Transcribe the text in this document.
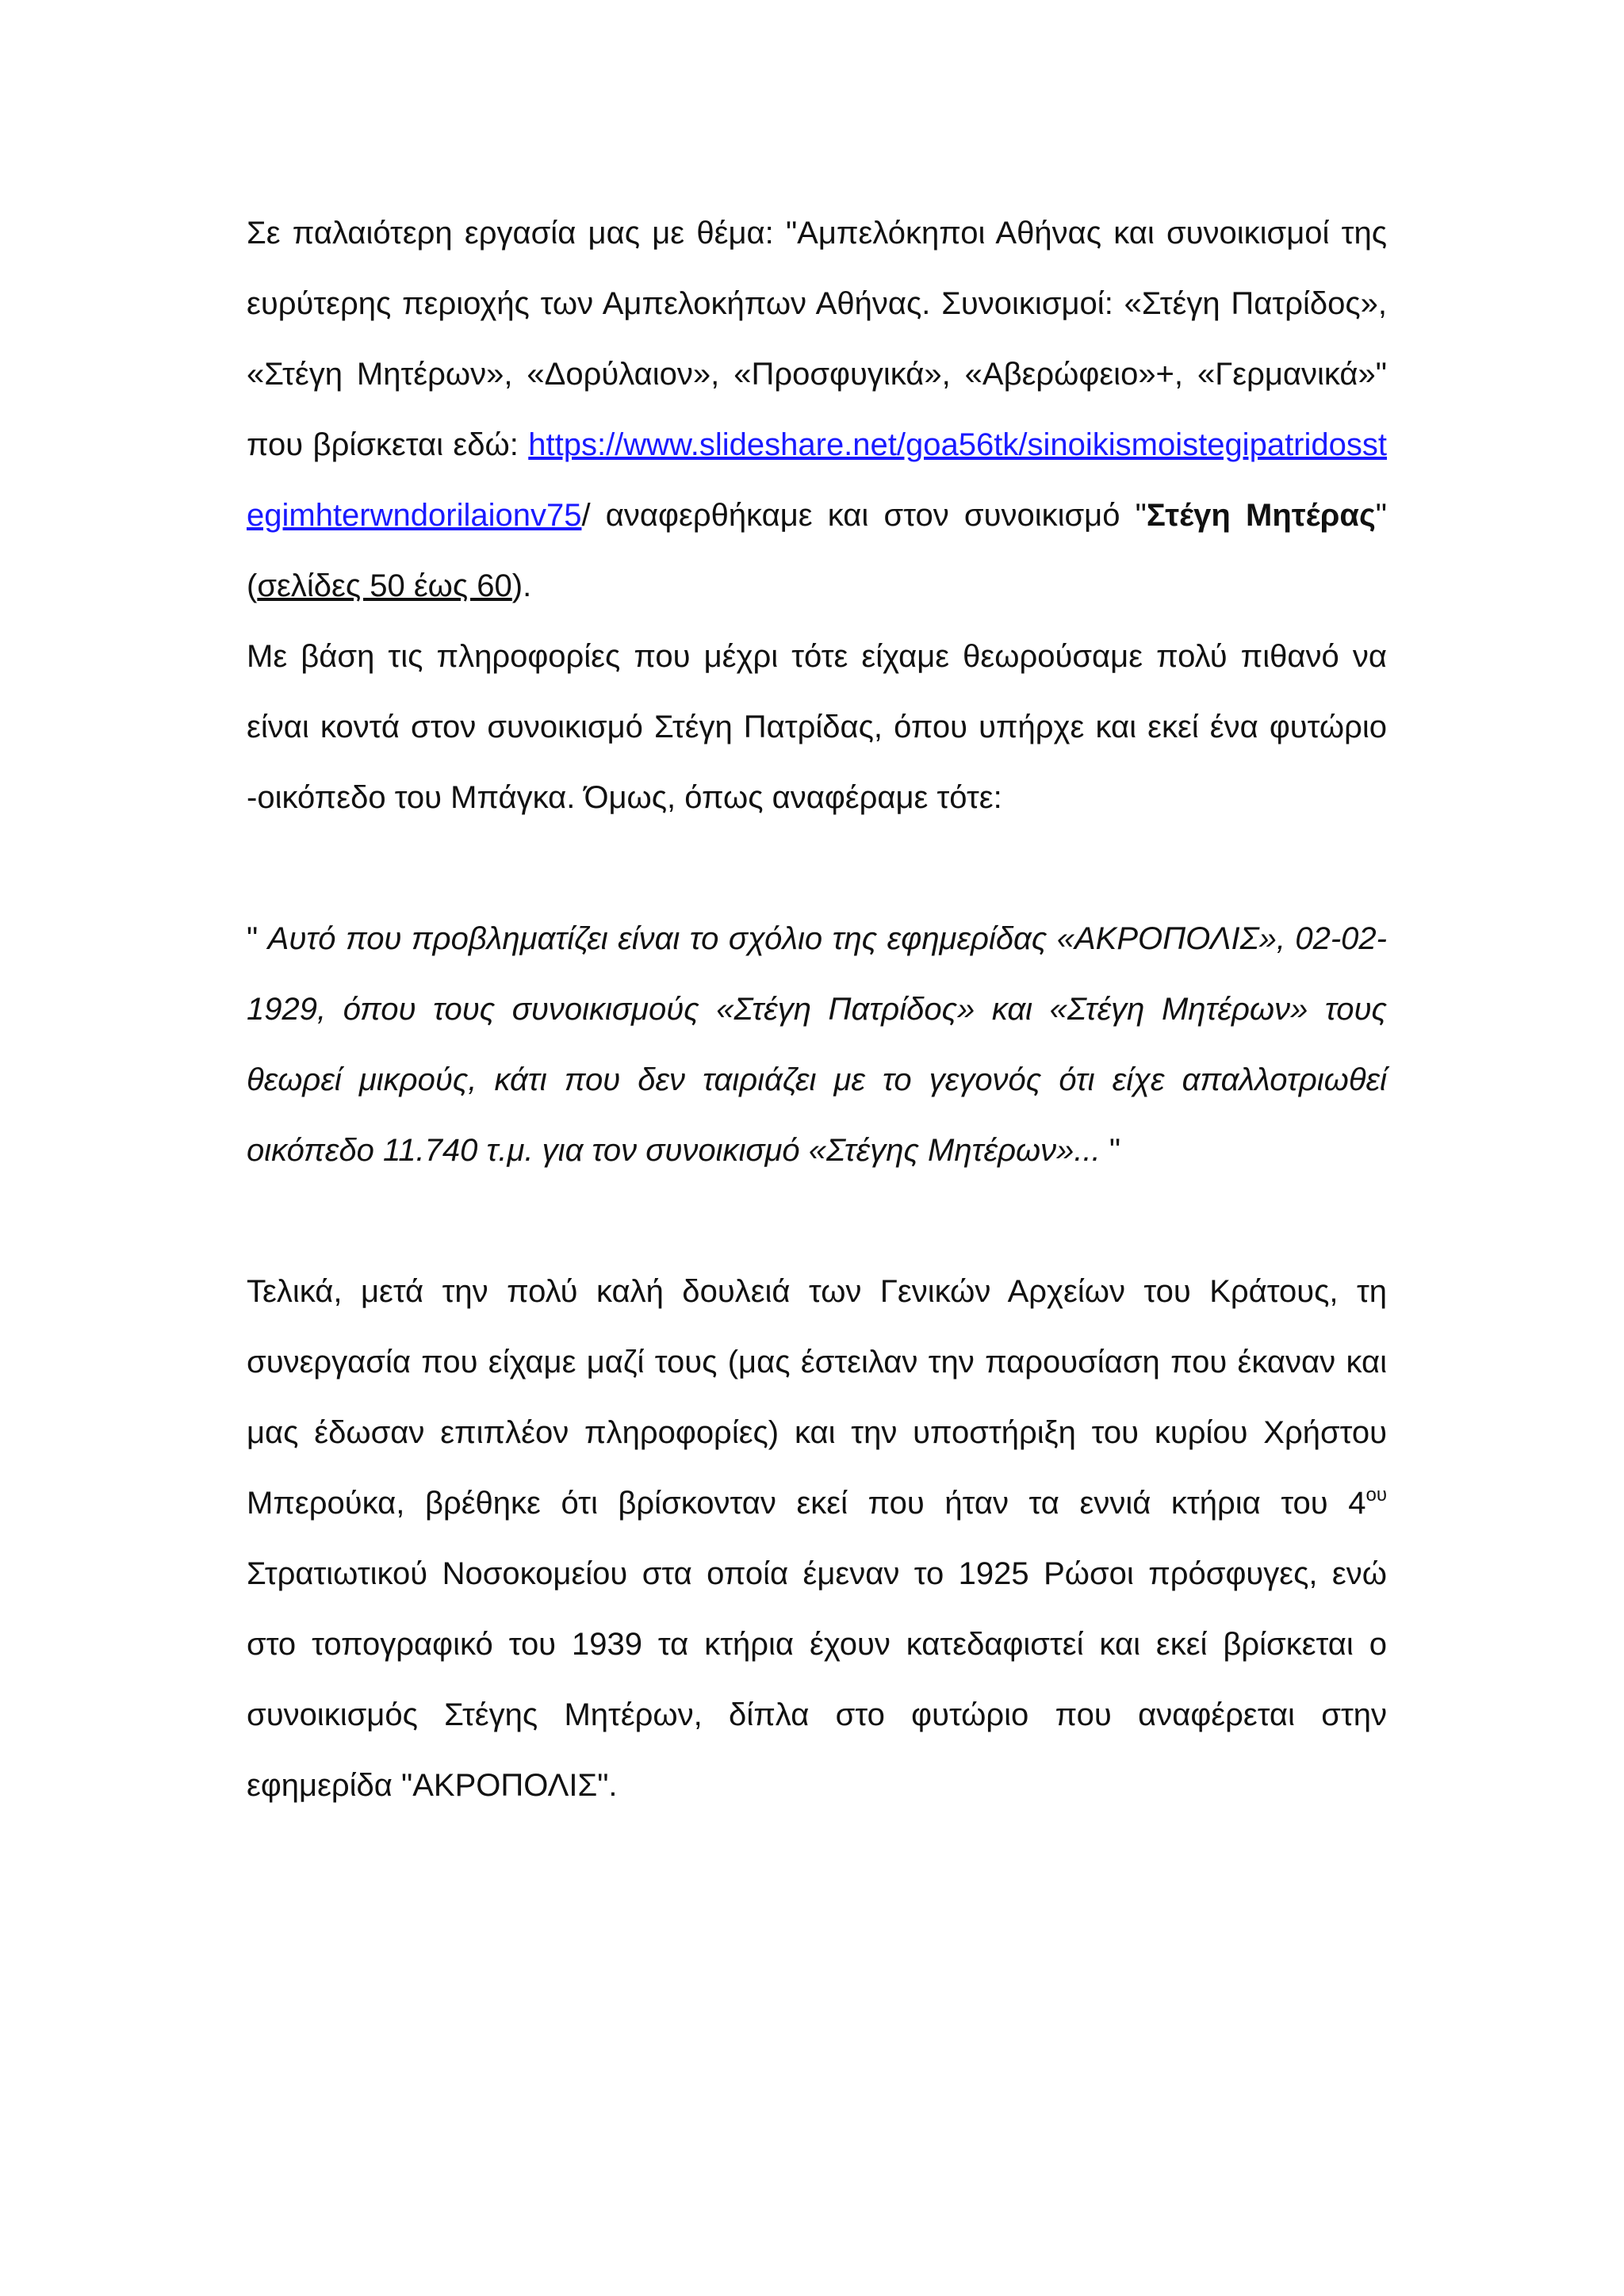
Σε παλαιότερη εργασία μας με θέμα: "Αμπελόκηποι Αθήνας και συνοικισμοί της ευρύτερης περιοχής των Αμπελοκήπων Αθήνας. Συνοικισμοί: «Στέγη Πατρίδος», «Στέγη Μητέρων», «Δορύλαιον», «Προσφυγικά», «Αβερώφειο»+, «Γερμανικά»" που βρίσκεται εδώ: https://www.slideshare.net/goa56tk/sinoikismoistegipatridosstegimhterwndorilaionv75/ αναφερθήκαμε και στον συνοικισμό "Στέγη Μητέρας" (σελίδες 50 έως 60).

Με βάση τις πληροφορίες που μέχρι τότε είχαμε θεωρούσαμε πολύ πιθανό να είναι κοντά στον συνοικισμό Στέγη Πατρίδας, όπου υπήρχε και εκεί ένα φυτώριο -οικόπεδο του Μπάγκα. Όμως, όπως αναφέραμε τότε:

" Αυτό που προβληματίζει είναι το σχόλιο της εφημερίδας «ΑΚΡΟΠΟΛΙΣ», 02-02-1929, όπου τους συνοικισμούς «Στέγη Πατρίδος» και «Στέγη Μητέρων» τους θεωρεί μικρούς, κάτι που δεν ταιριάζει με το γεγονός ότι είχε απαλλοτριωθεί οικόπεδο 11.740 τ.μ. για τον συνοικισμό «Στέγης Μητέρων»... "

Τελικά, μετά την πολύ καλή δουλειά των Γενικών Αρχείων του Κράτους, τη συνεργασία που είχαμε μαζί τους (μας έστειλαν την παρουσίαση που έκαναν και μας έδωσαν επιπλέον πληροφορίες) και την υποστήριξη του κυρίου Χρήστου Μπερούκα, βρέθηκε ότι βρίσκονταν εκεί που ήταν τα εννιά κτήρια του $4^{o\upsilon}$ Στρατιωτικού Νοσοκομείου στα οποία έμεναν το 1925 Ρώσοι πρόσφυγες, ενώ στο τοπογραφικό του 1939 τα κτήρια έχουν κατεδαφιστεί και εκεί βρίσκεται ο συνοικισμός Στέγης Μητέρων, δίπλα στο φυτώριο που αναφέρεται στην εφημερίδα "ΑΚΡΟΠΟΛΙΣ".
